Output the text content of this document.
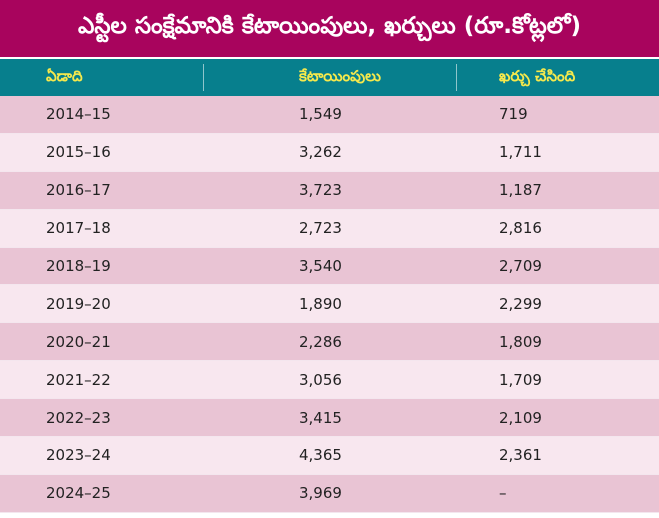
ఎస్టీల సంక్షేమానికి కేటాయింపులు, ఖర్చులు (రూ.కోట్లలో)
ఏడాది	కేటాయింపులు	ఖర్చు చేసింది
2014–15	1,549	719
2015–16	3,262	1,711
2016–17	3,723	1,187
2017–18	2,723	2,816
2018–19	3,540	2,709
2019–20	1,890	2,299
2020–21	2,286	1,809
2021–22	3,056	1,709
2022–23	3,415	2,109
2023–24	4,365	2,361
2024–25	3,969	–
